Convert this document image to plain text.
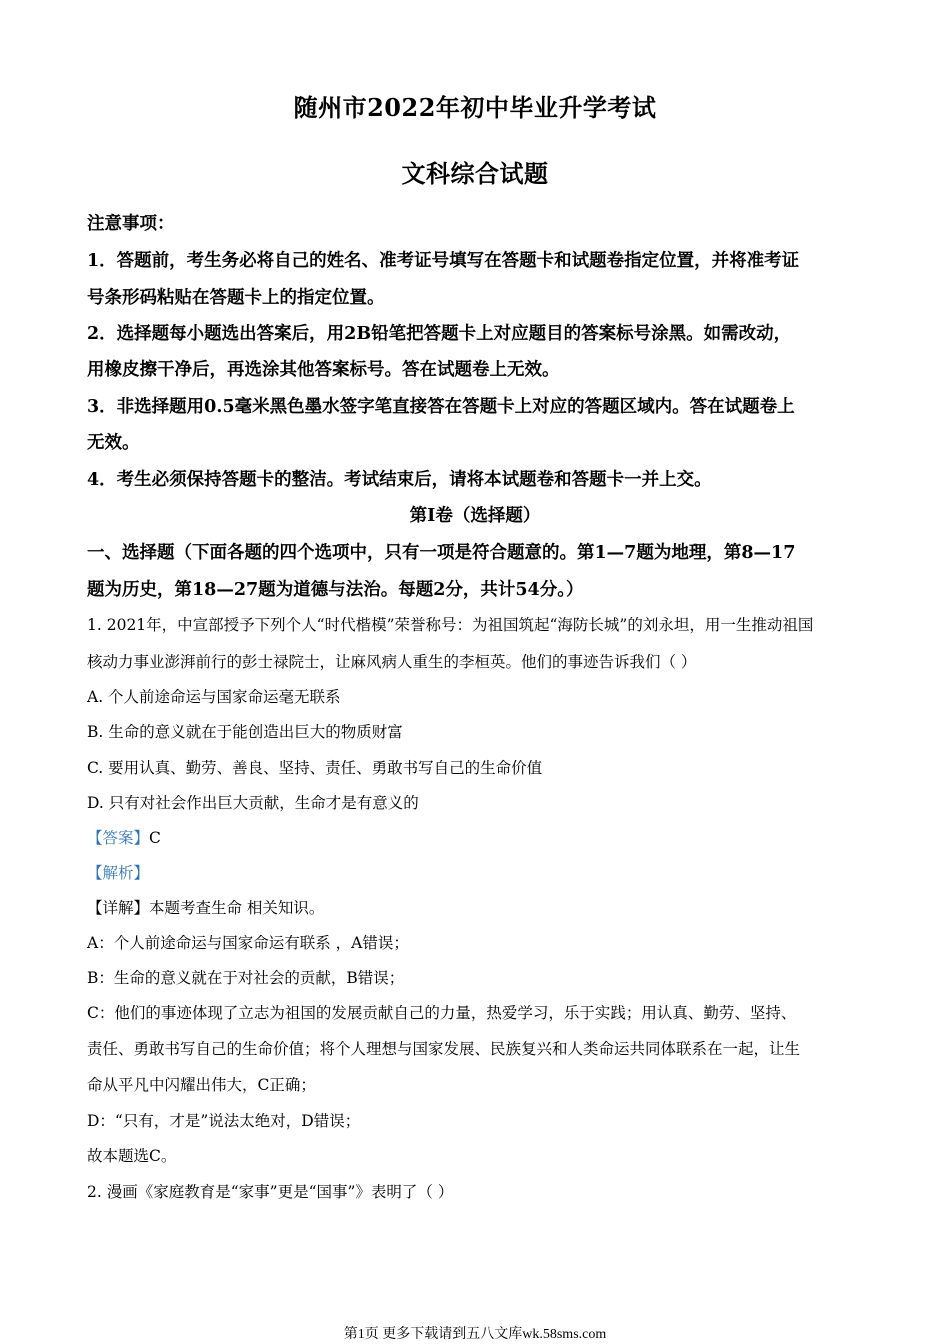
随州市2022年初中毕业升学考试
文科综合试题
注意事项：
1．答题前，考生务必将自己的姓名、准考证号填写在答题卡和试题卷指定位置，并将准考证
号条形码粘贴在答题卡上的指定位置。
2．选择题每小题选出答案后，用2B铅笔把答题卡上对应题目的答案标号涂黑。如需改动，
用橡皮擦干净后，再选涂其他答案标号。答在试题卷上无效。
3．非选择题用0.5毫米黑色墨水签字笔直接答在答题卡上对应的答题区域内。答在试题卷上
无效。
4．考生必须保持答题卡的整洁。考试结束后，请将本试题卷和答题卡一并上交。
第I卷（选择题）
一、选择题（下面各题的四个选项中，只有一项是符合题意的。第1—7题为地理，第8—17
题为历史，第18—27题为道德与法治。每题2分，共计54分。）
1. 2021年，中宣部授予下列个人“时代楷模”荣誉称号：为祖国筑起“海防长城”的刘永坦，用一生推动祖国
核动力事业澎湃前行的彭士禄院士，让麻风病人重生的李桓英。他们的事迹告诉我们（ ）
A. 个人前途命运与国家命运毫无联系
B. 生命的意义就在于能创造出巨大的物质财富
C. 要用认真、勤劳、善良、坚持、责任、勇敢书写自己的生命价值
D. 只有对社会作出巨大贡献，生命才是有意义的
【答案】C
【解析】
【详解】本题考查生命 相关知识。
A：个人前途命运与国家命运有联系 ，A错误；
B：生命的意义就在于对社会的贡献，B错误；
C：他们的事迹体现了立志为祖国的发展贡献自己的力量，热爱学习，乐于实践；用认真、勤劳、坚持、
责任、勇敢书写自己的生命价值；将个人理想与国家发展、民族复兴和人类命运共同体联系在一起，让生
命从平凡中闪耀出伟大，C正确；
D：“只有，才是”说法太绝对，D错误；
故本题选C。
2. 漫画《家庭教育是“家事”更是“国事”》表明了（ ）
第1页 更多下载请到五八文库wk.58sms.com
